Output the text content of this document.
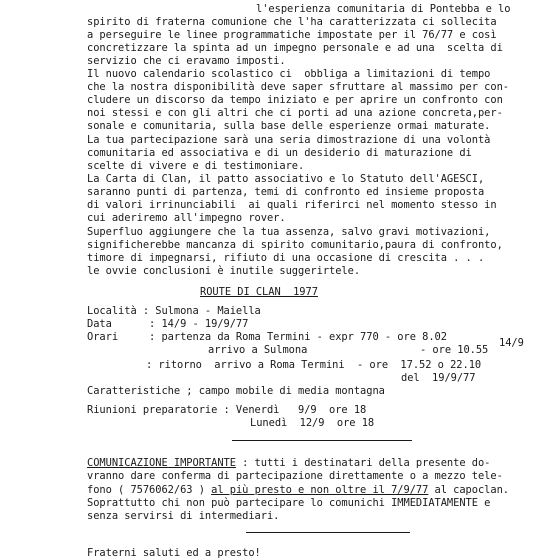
l'esperienza comunitaria di Pontebba e lo
spirito di fraterna comunione che l'ha caratterizzata ci sollecita
a perseguire le linee programmatiche impostate per il 76/77 e così
concretizzare la spinta ad un impegno personale e ad una  scelta di
servizio che ci eravamo imposti.
Il nuovo calendario scolastico ci  obbliga a limitazioni di tempo
che la nostra disponibilità deve saper sfruttare al massimo per con-
cludere un discorso da tempo iniziato e per aprire un confronto con
noi stessi e con gli altri che ci porti ad una azione concreta,per-
sonale e comunitaria, sulla base delle esperienze ormai maturate.
La tua partecipazione sarà una seria dimostrazione di una volontà
comunitaria ed associativa e di un desiderio di maturazione di
scelte di vivere e di testimoniare.
La Carta di Clan, il patto associativo e lo Statuto dell'AGESCI,
saranno punti di partenza, temi di confronto ed insieme proposta
di valori irrinunciabili  ai quali riferirci nel momento stesso in
cui aderiremo all'impegno rover.
Superfluo aggiungere che la tua assenza, salvo gravi motivazioni,
significherebbe mancanza di spirito comunitario,paura di confronto,
timore di impegnarsi, rifiuto di una occasione di crescita . . .
le ovvie conclusioni è inutile suggerirtele.
ROUTE DI CLAN  1977
Località : Sulmona - Maiella
Data      : 14/9 - 19/9/77
Orari     : partenza da Roma Termini - expr 770 - ore 8.02
arrivo a Sulmona	- ore 10.55
14/9
: ritorno  arrivo a Roma Termini  - ore  17.52 o 22.10
del  19/9/77
Caratteristiche ; campo mobile di media montagna
Riunioni preparatorie : Venerdì   9/9  ore 18
Lunedì  12/9  ore 18
COMUNICAZIONE IMPORTANTE : tutti i destinatari della presente do-
vranno dare conferma di partecipazione direttamente o a mezzo tele-
fono ( 7576062/63 ) al più presto e non oltre il 7/9/77 al capoclan.
Soprattutto chi non può partecipare lo comunichi IMMEDIATAMENTE e
senza servirsi di intermediari.
Fraterni saluti ed a presto!
